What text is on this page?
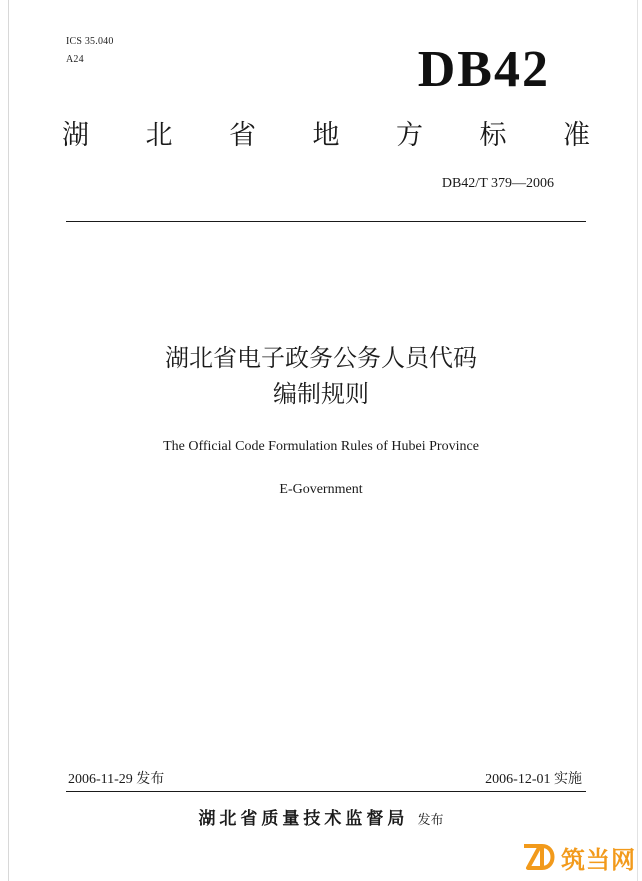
ICS 35.040
A24	DB42
湖 北 省 地 方 标 准
DB42/T 379—2006
湖北省电子政务公务人员代码
编制规则
The Official Code Formulation Rules of Hubei Province
E-Government
2006-11-29 发布	2006-12-01 实施
湖北省质量技术监督局 发布
筑当网
